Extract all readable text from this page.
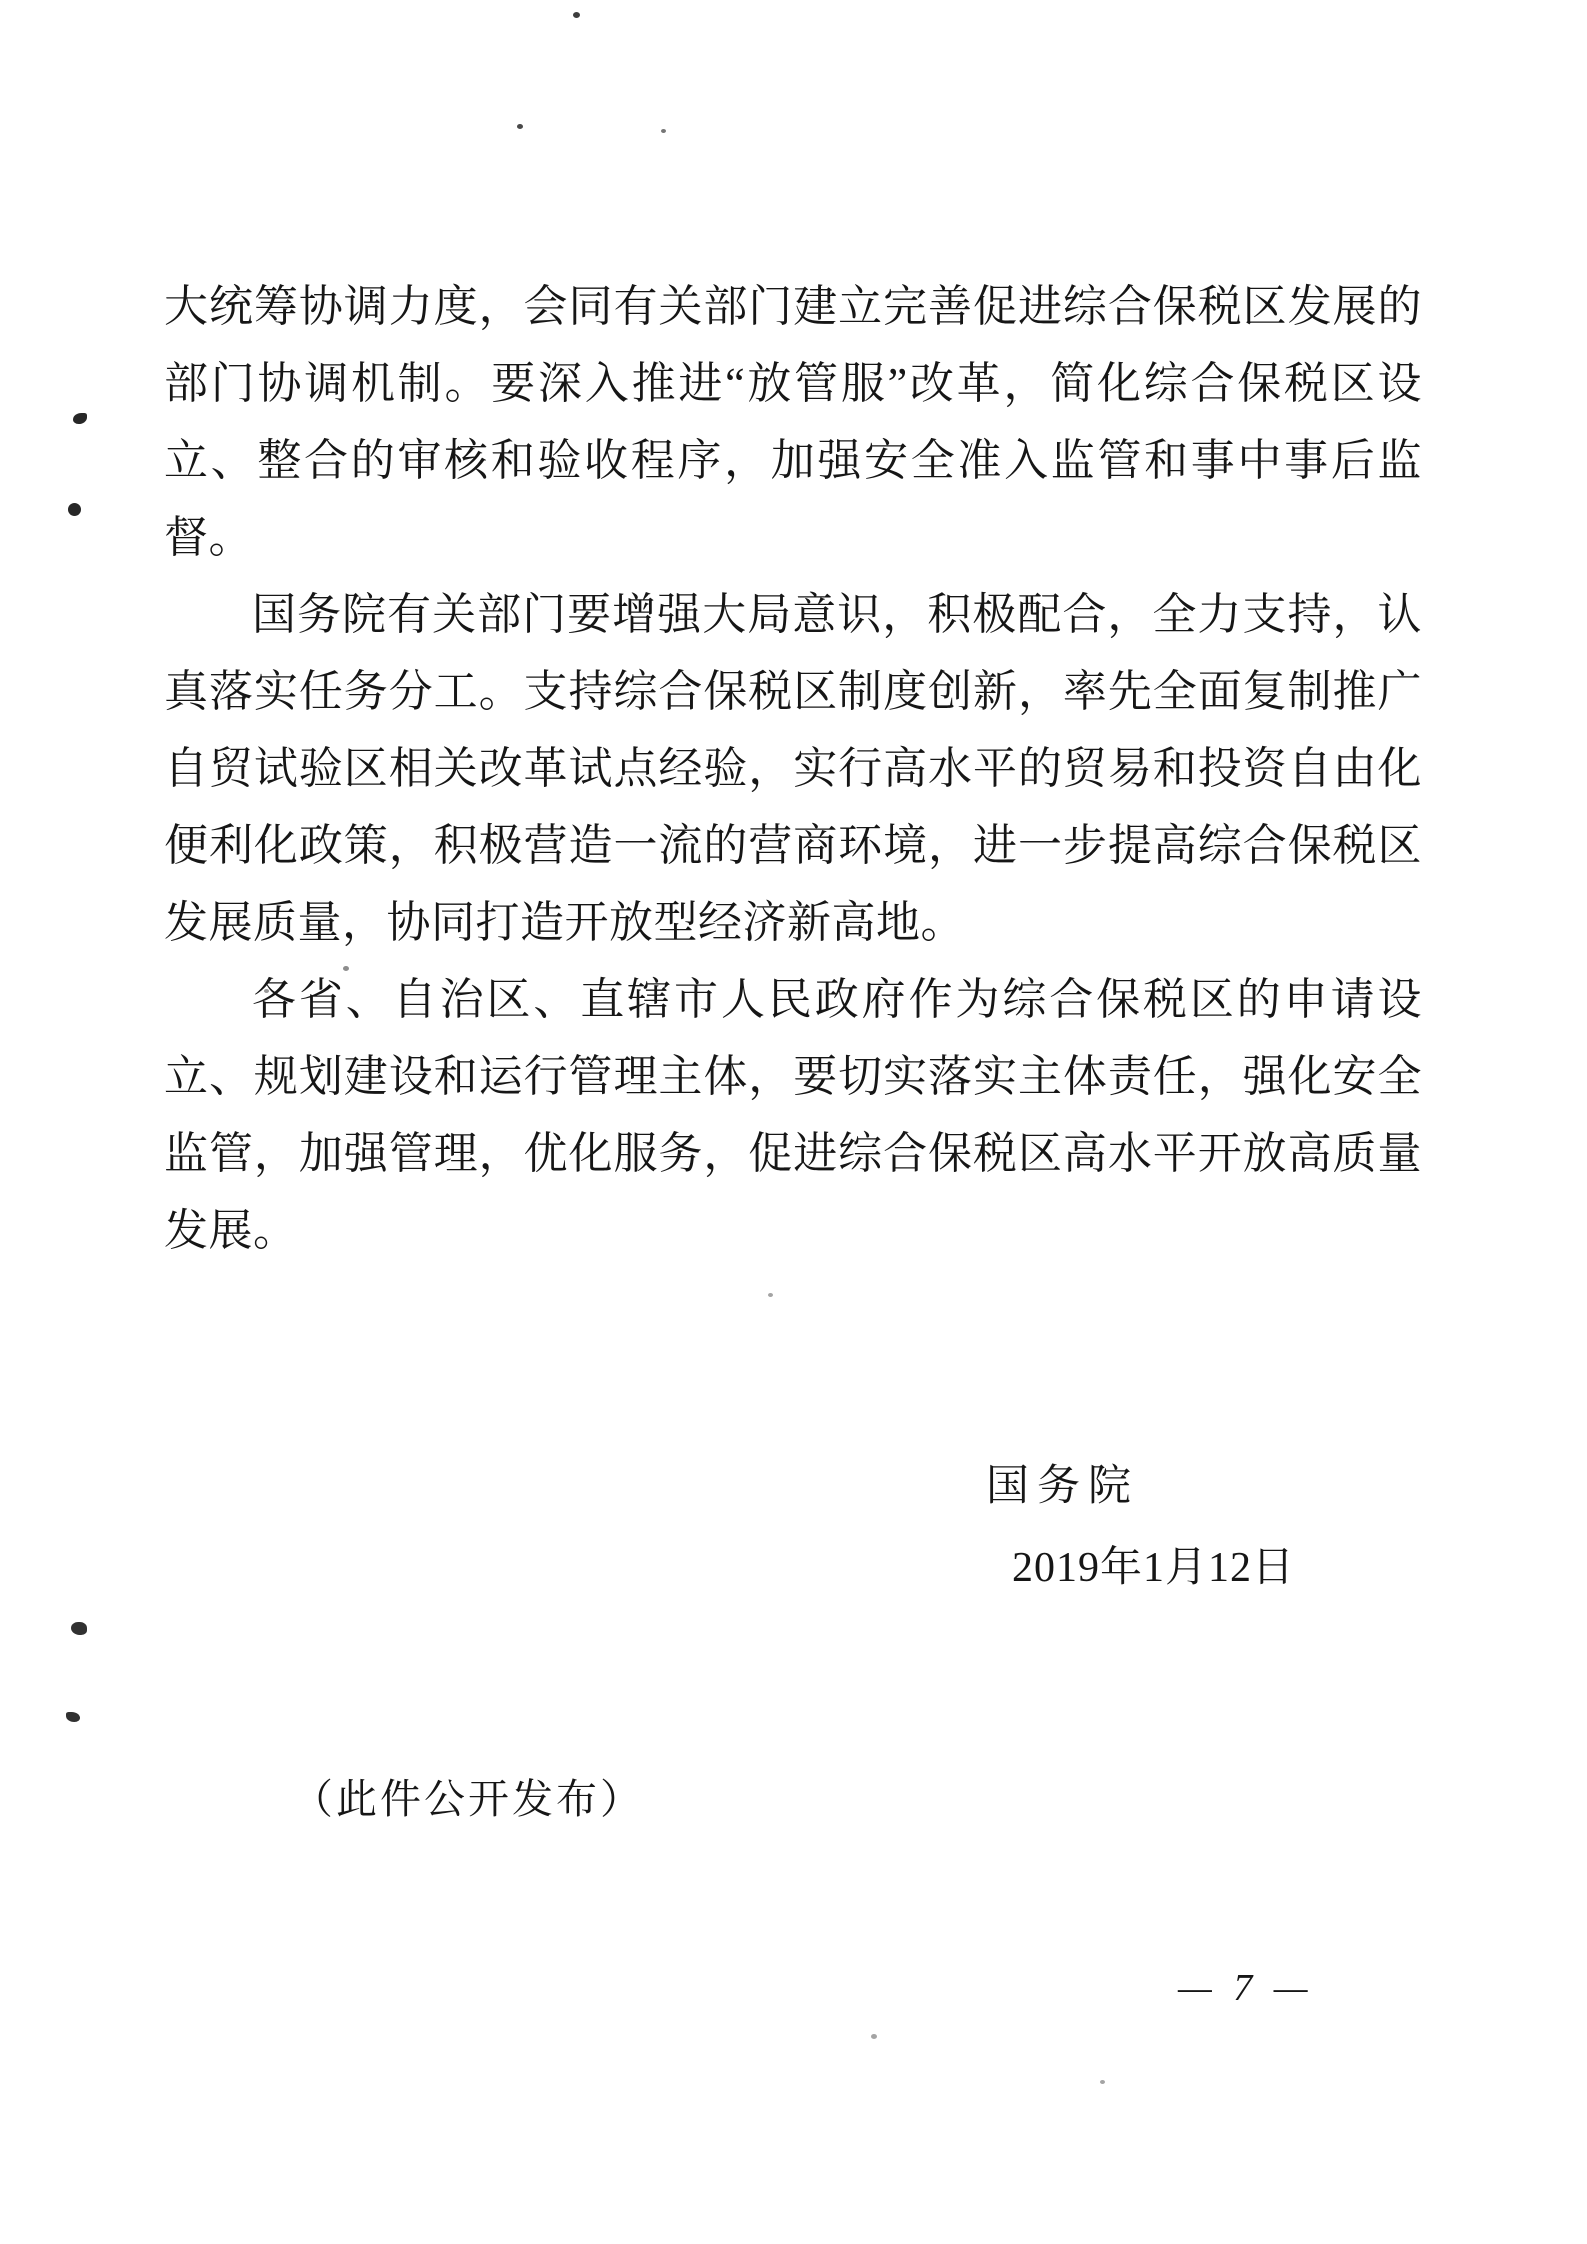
大统筹协调力度，会同有关部门建立完善促进综合保税区发展的部门协调机制。要深入推进“放管服”改革，简化综合保税区设立、整合的审核和验收程序，加强安全准入监管和事中事后监督。

国务院有关部门要增强大局意识，积极配合，全力支持，认真落实任务分工。支持综合保税区制度创新，率先全面复制推广自贸试验区相关改革试点经验，实行高水平的贸易和投资自由化便利化政策，积极营造一流的营商环境，进一步提高综合保税区发展质量，协同打造开放型经济新高地。

各省、自治区、直辖市人民政府作为综合保税区的申请设立、规划建设和运行管理主体，要切实落实主体责任，强化安全监管，加强管理，优化服务，促进综合保税区高水平开放高质量发展。

国务院
2019年1月12日
（此件公开发布）
— 7 —
